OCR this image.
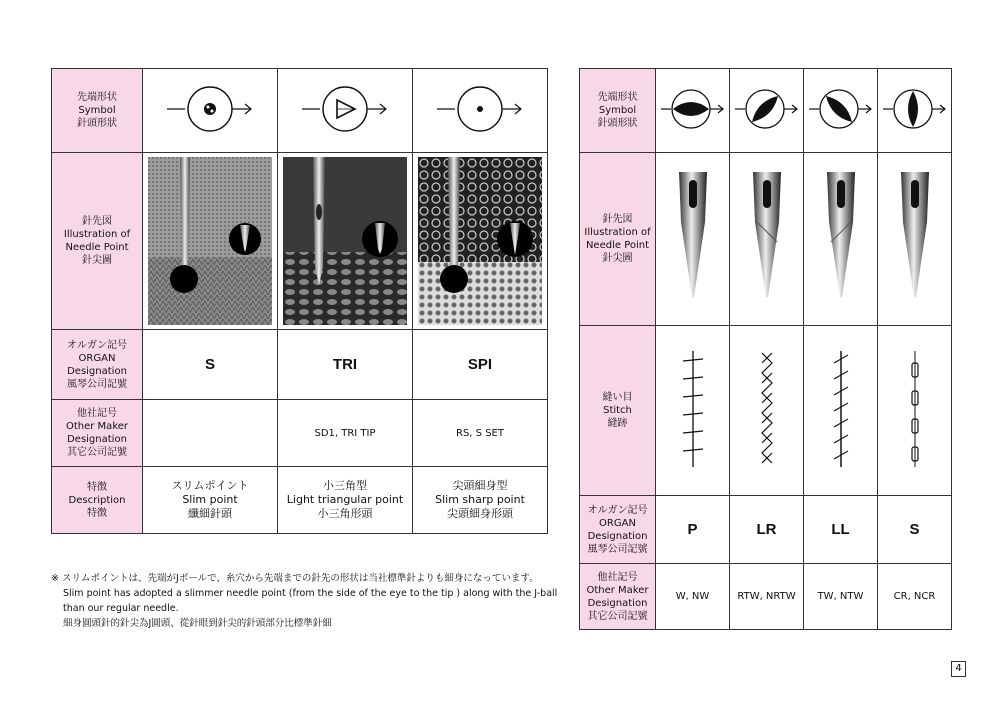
先端形状
Symbol
針頭形狀			
針先図
Illustration of
Needle Point
針尖圖	

オルガン記号
ORGAN
Designation
風琴公司記號	S	TRI	SPI
他社記号
Other Maker
Designation
其它公司記號		SD1, TRI TIP	RS, S SET
特徴
Description
特徴	スリムポイント
Slim point
纖細針頭	小三角型
Light triangular point
小三角形頭	尖頭細身型
Slim sharp point
尖頭細身形頭
先端形状
Symbol
針頭形狀				
針先図
Illustration of
Needle Point
針尖圖				
縫い目
Stitch
縫跡				
オルガン記号
ORGAN
Designation
風琴公司記號	P	LR	LL	S
他社記号
Other Maker
Designation
其它公司記號	W, NW	RTW, NRTW	TW, NTW	CR, NCR
※ スリムポイントは、先端がJボールで、糸穴から先端までの針先の形状は当社標準針よりも細身になっています。
Slim point has adopted a slimmer needle point (from the side of the eye to the tip ) along with the J-ball
than our regular needle.
細身圓頭針的針尖為J圓頭、從針眼到針尖的針頭部分比標準針細
4
